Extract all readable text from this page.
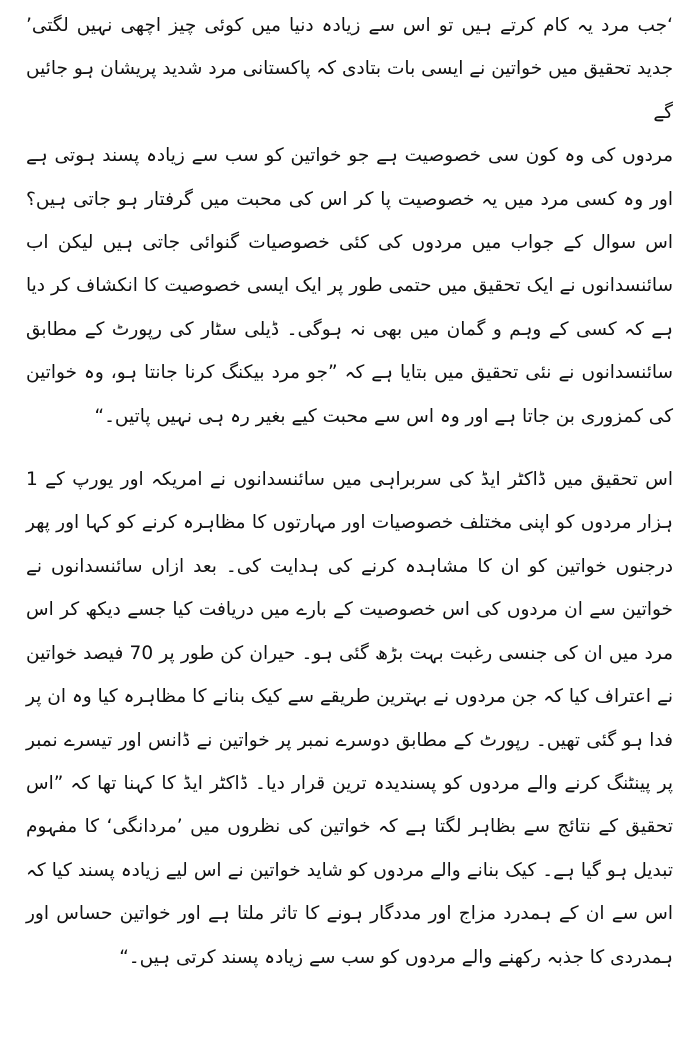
‘جب مرد یہ کام کرتے ہیں تو اس سے زیادہ دنیا میں کوئی چیز اچھی نہیں لگتی’ جدید تحقیق میں خواتین نے ایسی بات بتادی کہ پاکستانی مرد شدید پریشان ہو جائیں گے

مردوں کی وہ کون سی خصوصیت ہے جو خواتین کو سب سے زیادہ پسند ہوتی ہے اور وہ کسی مرد میں یہ خصوصیت پا کر اس کی محبت میں گرفتار ہو جاتی ہیں؟ اس سوال کے جواب میں مردوں کی کئی خصوصیات گنوائی جاتی ہیں لیکن اب سائنسدانوں نے ایک تحقیق میں حتمی طور پر ایک ایسی خصوصیت کا انکشاف کر دیا ہے کہ کسی کے وہم و گمان میں بھی نہ ہوگی۔ ڈیلی سٹار کی رپورٹ کے مطابق سائنسدانوں نے نئی تحقیق میں بتایا ہے کہ ”جو مرد بیکنگ کرنا جانتا ہو، وہ خواتین کی کمزوری بن جاتا ہے اور وہ اس سے محبت کیے بغیر رہ ہی نہیں پاتیں۔“

اس تحقیق میں ڈاکٹر ایڈ کی سربراہی میں سائنسدانوں نے امریکہ اور یورپ کے 1 ہزار مردوں کو اپنی مختلف خصوصیات اور مہارتوں کا مظاہرہ کرنے کو کہا اور پھر درجنوں خواتین کو ان کا مشاہدہ کرنے کی ہدایت کی۔ بعد ازاں سائنسدانوں نے خواتین سے ان مردوں کی اس خصوصیت کے بارے میں دریافت کیا جسے دیکھ کر اس مرد میں ان کی جنسی رغبت بہت بڑھ گئی ہو۔ حیران کن طور پر 70 فیصد خواتین نے اعتراف کیا کہ جن مردوں نے بہترین طریقے سے کیک بنانے کا مظاہرہ کیا وہ ان پر فدا ہو گئی تھیں۔ رپورٹ کے مطابق دوسرے نمبر پر خواتین نے ڈانس اور تیسرے نمبر پر پینٹنگ کرنے والے مردوں کو پسندیدہ ترین قرار دیا۔ ڈاکٹر ایڈ کا کہنا تھا کہ ”اس تحقیق کے نتائج سے بظاہر لگتا ہے کہ خواتین کی نظروں میں ’مردانگی‘ کا مفہوم تبدیل ہو گیا ہے۔ کیک بنانے والے مردوں کو شاید خواتین نے اس لیے زیادہ پسند کیا کہ اس سے ان کے ہمدرد مزاج اور مددگار ہونے کا تاثر ملتا ہے اور خواتین حساس اور ہمدردی کا جذبہ رکھنے والے مردوں کو سب سے زیادہ پسند کرتی ہیں۔“
